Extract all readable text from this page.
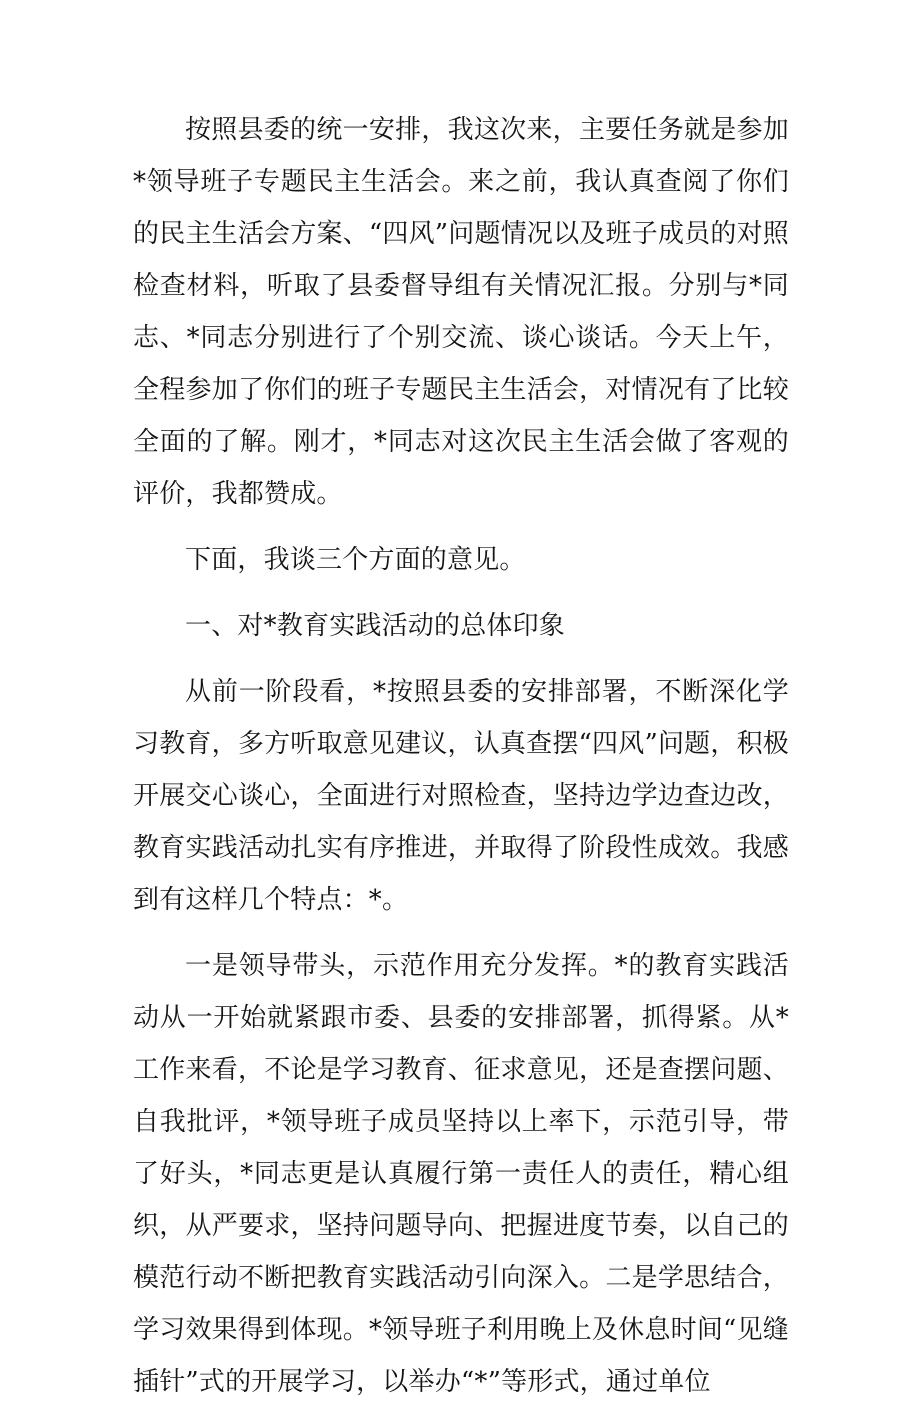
按照县委的统一安排，我这次来，主要任务就是参加*领导班子专题民主生活会。来之前，我认真查阅了你们的民主生活会方案、“四风”问题情况以及班子成员的对照检查材料，听取了县委督导组有关情况汇报。分别与*同志、*同志分别进行了个别交流、谈心谈话。今天上午，全程参加了你们的班子专题民主生活会，对情况有了比较全面的了解。刚才，*同志对这次民主生活会做了客观的评价，我都赞成。

下面，我谈三个方面的意见。

一、对*教育实践活动的总体印象

从前一阶段看，*按照县委的安排部署，不断深化学习教育，多方听取意见建议，认真查摆“四风”问题，积极开展交心谈心，全面进行对照检查，坚持边学边查边改，教育实践活动扎实有序推进，并取得了阶段性成效。我感到有这样几个特点：*。

一是领导带头，示范作用充分发挥。*的教育实践活动从一开始就紧跟市委、县委的安排部署，抓得紧。从*工作来看，不论是学习教育、征求意见，还是查摆问题、自我批评，*领导班子成员坚持以上率下，示范引导，带了好头，*同志更是认真履行第一责任人的责任，精心组织，从严要求，坚持问题导向、把握进度节奏，以自己的模范行动不断把教育实践活动引向深入。二是学思结合，学习效果得到体现。*领导班子利用晚上及休息时间“见缝插针”式的开展学习，以举办“*”等形式，通过单位
